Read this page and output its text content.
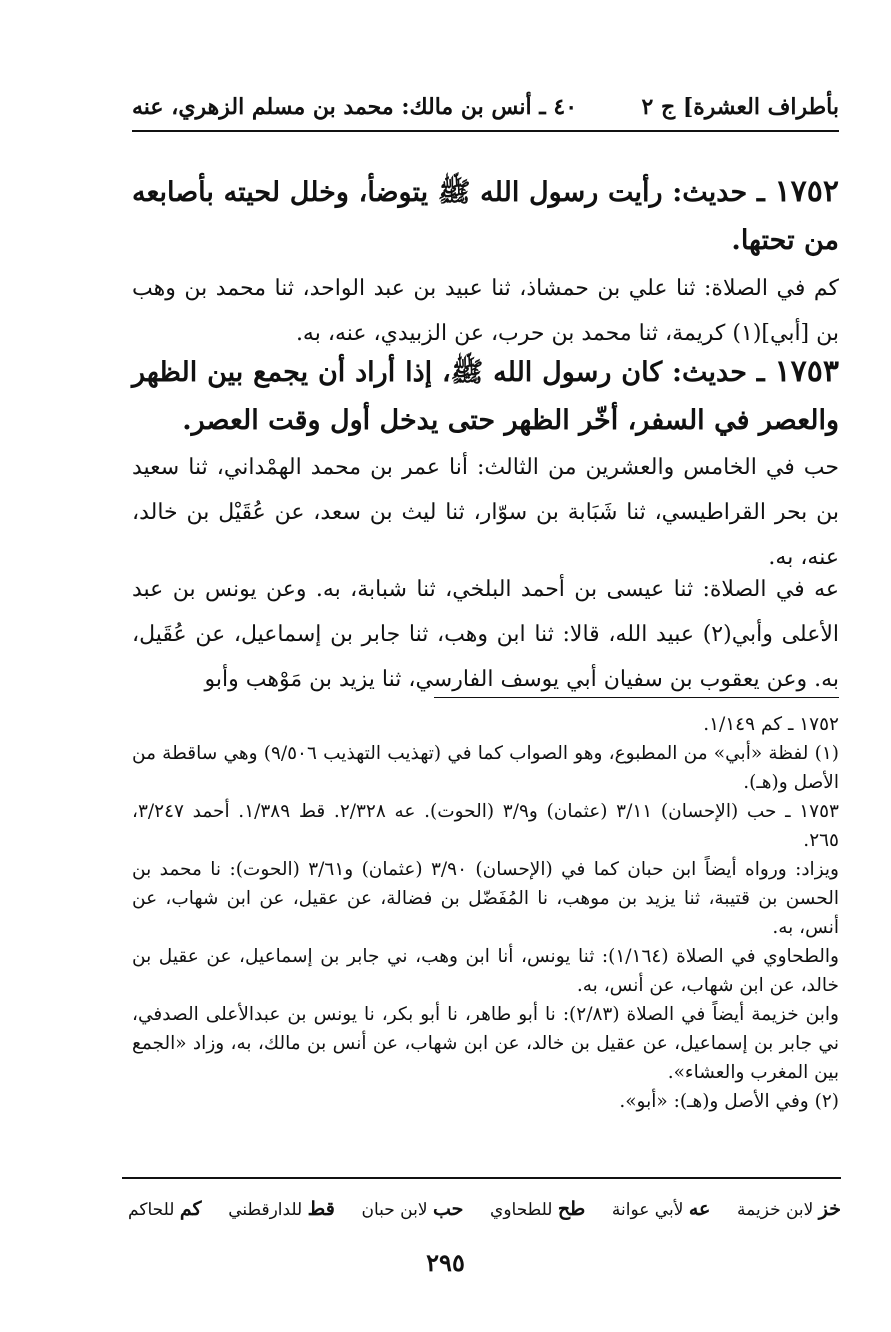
بأطراف العشرة] ج ٢
٤٠ ـ أنس بن مالك: محمد بن مسلم الزهري، عنه
١٧٥٢ ـ حديث: رأيت رسول الله ﷺ يتوضأ، وخلل لحيته بأصابعه من تحتها.
كم في الصلاة: ثنا علي بن حمشاذ، ثنا عبيد بن عبد الواحد، ثنا محمد بن وهب بن [أبي](١) كريمة، ثنا محمد بن حرب، عن الزبيدي، عنه، به.
١٧٥٣ ـ حديث: كان رسول الله ﷺ، إذا أراد أن يجمع بين الظهر والعصر في السفر، أخّر الظهر حتى يدخل أول وقت العصر.
حب في الخامس والعشرين من الثالث: أنا عمر بن محمد الهمْداني، ثنا سعيد بن بحر القراطيسي، ثنا شَبَابة بن سوّار، ثنا ليث بن سعد، عن عُقَيْل بن خالد، عنه، به.
عه في الصلاة: ثنا عيسى بن أحمد البلخي، ثنا شبابة، به. وعن يونس بن عبد الأعلى وأبي(٢) عبيد الله، قالا: ثنا ابن وهب، ثنا جابر بن إسماعيل، عن عُقَيل، به. وعن يعقوب بن سفيان أبي يوسف الفارسي، ثنا يزيد بن مَوْهب وأبو
١٧٥٢ ـ كم ١/١٤٩.
(١) لفظة «أبي» من المطبوع، وهو الصواب كما في (تهذيب التهذيب ٩/٥٠٦) وهي ساقطة من الأصل و(هـ).
١٧٥٣ ـ حب (الإحسان) ٣/١١ (عثمان) و٣/٩ (الحوت). عه ٢/٣٢٨. قط ١/٣٨٩. أحمد ٣/٢٤٧، ٢٦٥.
ويزاد: ورواه أيضاً ابن حبان كما في (الإحسان) ٣/٩٠ (عثمان) و٣/٦١ (الحوت): نا محمد بن الحسن بن قتيبة، ثنا يزيد بن موهب، نا المُفَضّل بن فضالة، عن عقيل، عن ابن شهاب، عن أنس، به.
والطحاوي في الصلاة (١/١٦٤): ثنا يونس، أنا ابن وهب، ني جابر بن إسماعيل، عن عقيل بن خالد، عن ابن شهاب، عن أنس، به.
وابن خزيمة أيضاً في الصلاة (٢/٨٣): نا أبو طاهر، نا أبو بكر، نا يونس بن عبدالأعلى الصدفي، ني جابر بن إسماعيل، عن عقيل بن خالد، عن ابن شهاب، عن أنس بن مالك، به، وزاد «الجمع بين المغرب والعشاء».
(٢) وفي الأصل و(هـ): «أبو».
خز لابن خزيمة
عه لأبي عوانة
طح للطحاوي
حب لابن حبان
قط للدارقطني
كم للحاكم
٢٩٥
